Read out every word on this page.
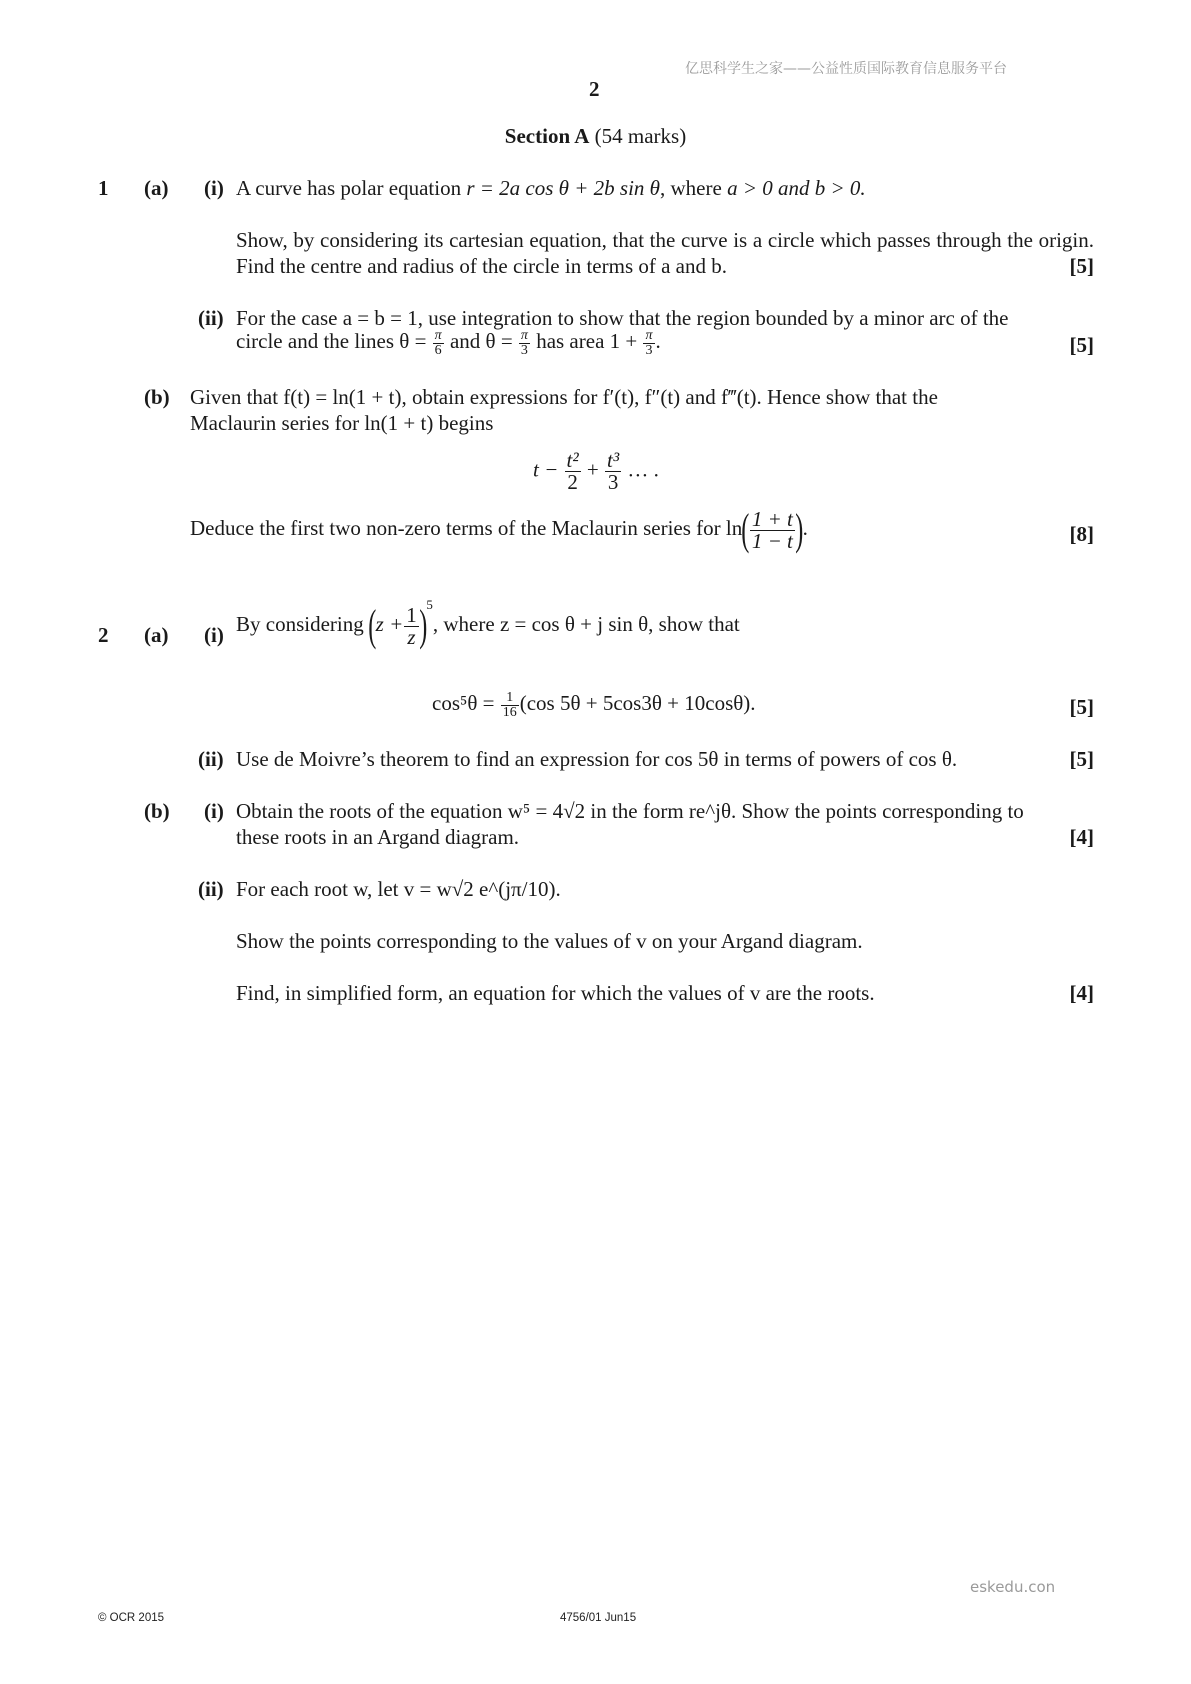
亿思科学生之家——公益性质国际教育信息服务平台
2
Section A (54 marks)
1 (a) (i) A curve has polar equation r = 2a cos θ + 2b sin θ, where a > 0 and b > 0.
Show, by considering its cartesian equation, that the curve is a circle which passes through the origin. Find the centre and radius of the circle in terms of a and b.	[5]
(ii) For the case a = b = 1, use integration to show that the region bounded by a minor arc of the
circle and the lines $\theta = \frac{\pi}{6}$ and $\theta = \frac{\pi}{3}$ has area $1 + \frac{\pi}{3}$ .	[5]
(b) Given that f(t) = ln(1 + t), obtain expressions for f′(t), f″(t) and f‴(t). Hence show that the
Maclaurin series for ln(1 + t) begins
$t - \frac{\text{t²}}{2} + \frac{\text{t³}}{3}$ … .
Deduce the first two non-zero terms of the Maclaurin series for $\ln( \frac{1 + t}{1 - t}$ ).	[8]
2 (a) (i) By considering $(z + \frac{1}{z} )^5$, where z = cos θ + j sin θ, show that
$\cos^5\theta = \frac{1}{16} (\cos$ 5θ + 5cos3θ + 10cosθ).	[5]
(ii) Use de Moivre’s theorem to find an expression for cos 5θ in terms of powers of cos θ.	[5]
(b) (i) Obtain the roots of the equation w⁵ = 4√2 in the form re^jθ. Show the points corresponding to
these roots in an Argand diagram.	[4]
(ii) For each root w, let v = w√2 e^(jπ/10).
Show the points corresponding to the values of v on your Argand diagram.
Find, in simplified form, an equation for which the values of v are the roots.	[4]
eskedu.con
© OCR 2015	4756/01 Jun15
